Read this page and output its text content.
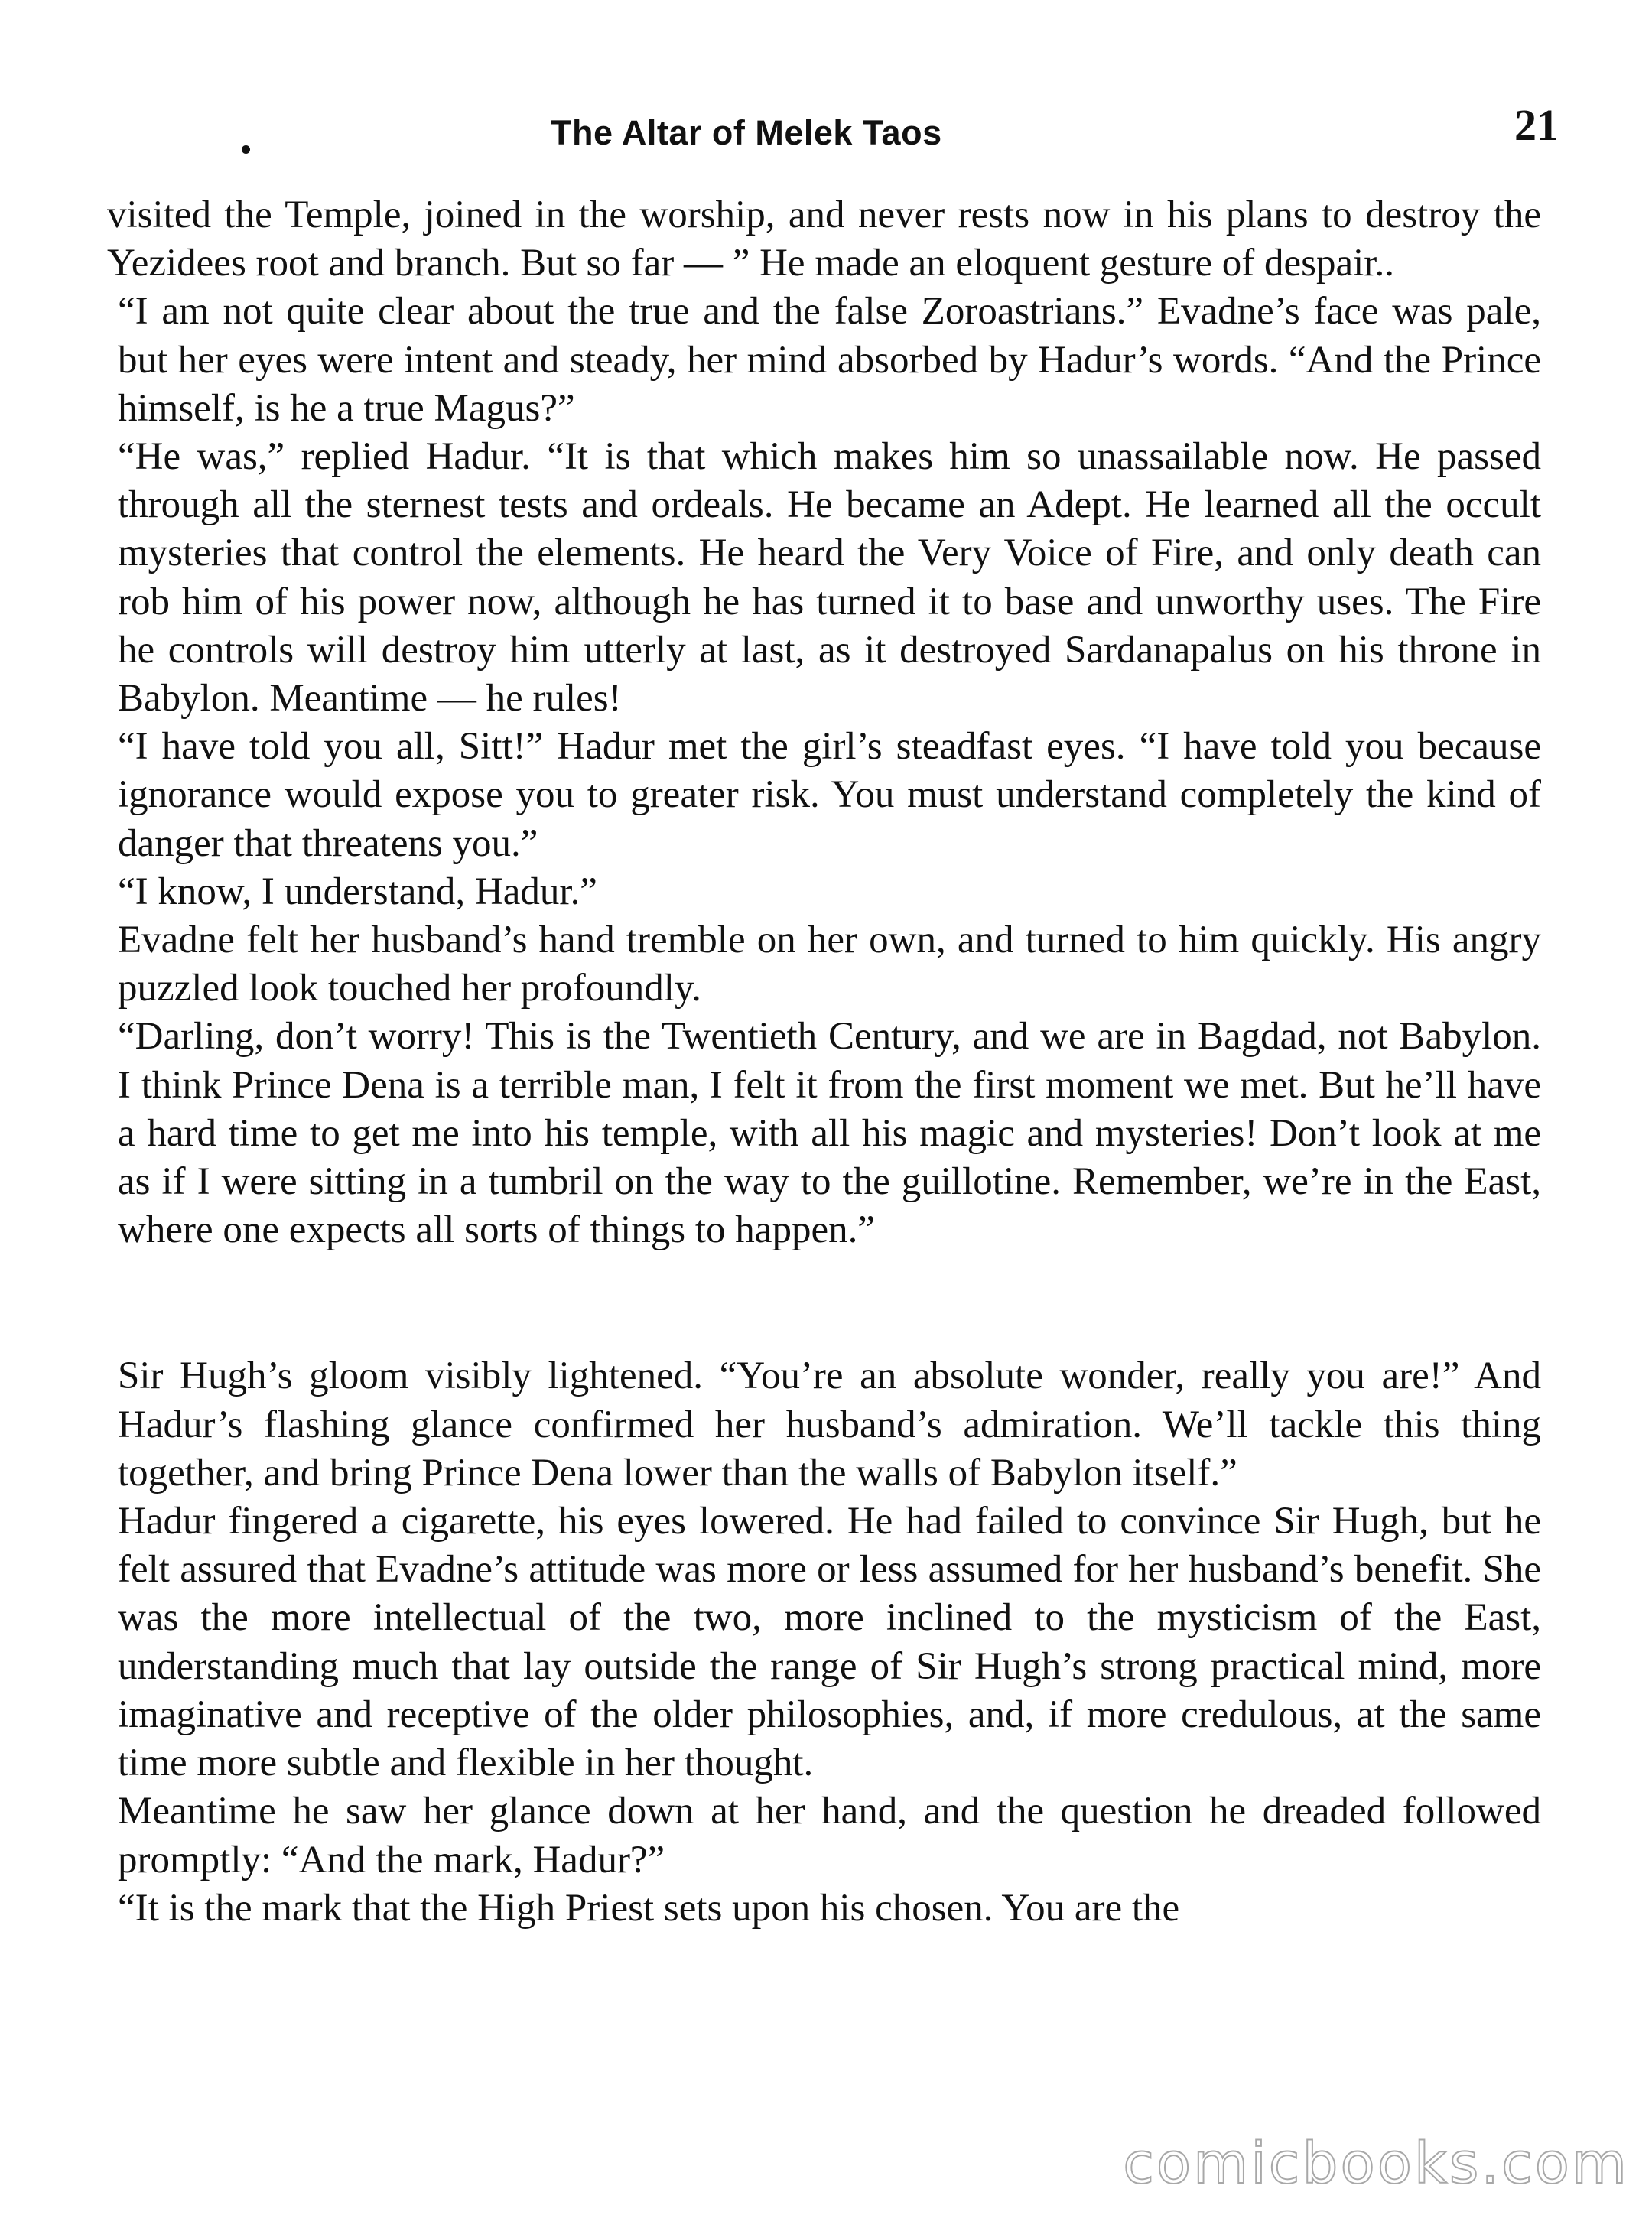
The Altar of Melek Taos	21

visited the Temple, joined in the worship, and never rests now in his plans to destroy the Yezidees root and branch. But so far — ” He made an eloquent gesture of despair..

“I am not quite clear about the true and the false Zoroastrians.” Evadne’s face was pale, but her eyes were intent and steady, her mind absorbed by Hadur’s words. “And the Prince himself, is he a true Magus?”

“He was,” replied Hadur. “It is that which makes him so unassailable now. He passed through all the sternest tests and ordeals. He became an Adept. He learned all the occult mysteries that control the elements. He heard the Very Voice of Fire, and only death can rob him of his power now, although he has turned it to base and unworthy uses. The Fire he controls will destroy him utterly at last, as it destroyed Sardanapalus on his throne in Babylon. Meantime — he rules!

“I have told you all, Sitt!” Hadur met the girl’s steadfast eyes. “I have told you because ignorance would expose you to greater risk. You must understand completely the kind of danger that threatens you.”

“I know, I understand, Hadur.”

Evadne felt her husband’s hand tremble on her own, and turned to him quickly. His angry puzzled look touched her profoundly.

“Darling, don’t worry! This is the Twentieth Century, and we are in Bagdad, not Babylon. I think Prince Dena is a terrible man, I felt it from the first moment we met. But he’ll have a hard time to get me into his temple, with all his magic and mysteries! Don’t look at me as if I were sitting in a tumbril on the way to the guillotine. Remember, we’re in the East, where one expects all sorts of things to happen.”

Sir Hugh’s gloom visibly lightened. “You’re an absolute wonder, really you are!” And Hadur’s flashing glance confirmed her husband’s admiration. We’ll tackle this thing together, and bring Prince Dena lower than the walls of Babylon itself.”

Hadur fingered a cigarette, his eyes lowered. He had failed to convince Sir Hugh, but he felt assured that Evadne’s attitude was more or less assumed for her husband’s benefit. She was the more intellectual of the two, more inclined to the mysticism of the East, understanding much that lay outside the range of Sir Hugh’s strong practical mind, more imaginative and receptive of the older philosophies, and, if more credulous, at the same time more subtle and flexible in her thought.

Meantime he saw her glance down at her hand, and the question he dreaded followed promptly: “And the mark, Hadur?”

“It is the mark that the High Priest sets upon his chosen. You are the

comicbooks.com
